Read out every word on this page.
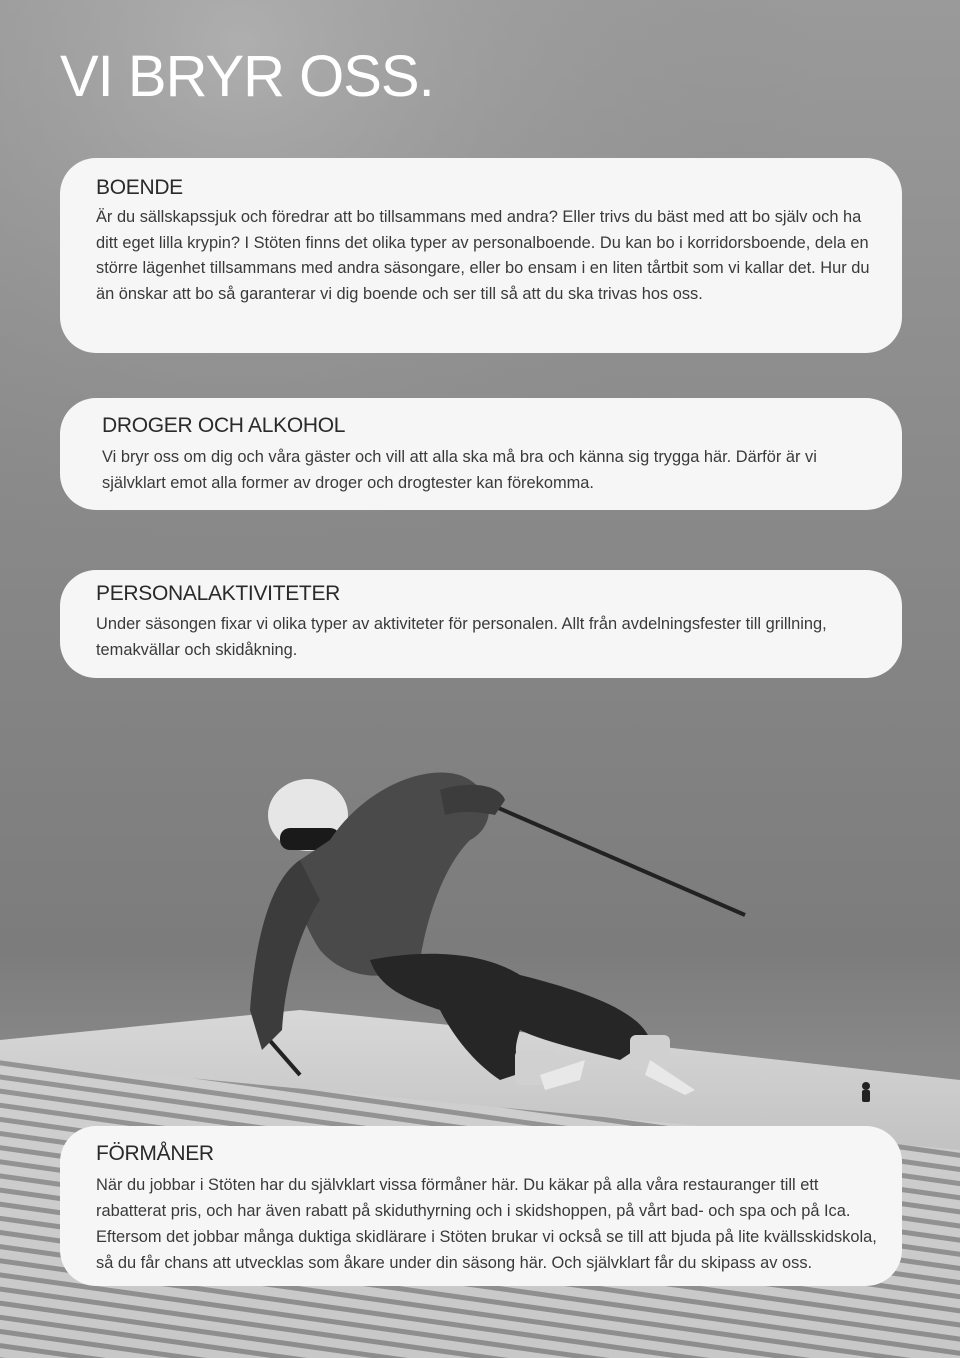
VI BRYR OSS.
BOENDE

Är du sällskapssjuk och föredrar att bo tillsammans med andra? Eller trivs du bäst med att bo själv och ha ditt eget lilla krypin? I Stöten finns det olika typer av personalboende. Du kan bo i korridorsboende, dela en större lägenhet tillsammans med andra säsongare, eller bo ensam i en liten tårtbit som vi kallar det. Hur du än önskar att bo så garanterar vi dig boende och ser till så att du ska trivas hos oss.

DROGER OCH ALKOHOL

Vi bryr oss om dig och våra gäster och vill att alla ska må bra och känna sig trygga här. Därför är vi självklart emot alla former av droger och drogtester kan förekomma.

PERSONALAKTIVITETER

Under säsongen fixar vi olika typer av aktiviteter för personalen. Allt från avdelningsfester till grillning, temakvällar och skidåkning.

FÖRMÅNER

När du jobbar i Stöten har du självklart vissa förmåner här. Du käkar på alla våra restauranger till ett rabatterat pris, och har även rabatt på skiduthyrning och i skidshoppen, på vårt bad- och spa och på Ica. Eftersom det jobbar många duktiga skidlärare i Stöten brukar vi också se till att bjuda på lite kvällsskidskola, så du får chans att utvecklas som åkare under din säsong här. Och självklart får du skipass av oss.
